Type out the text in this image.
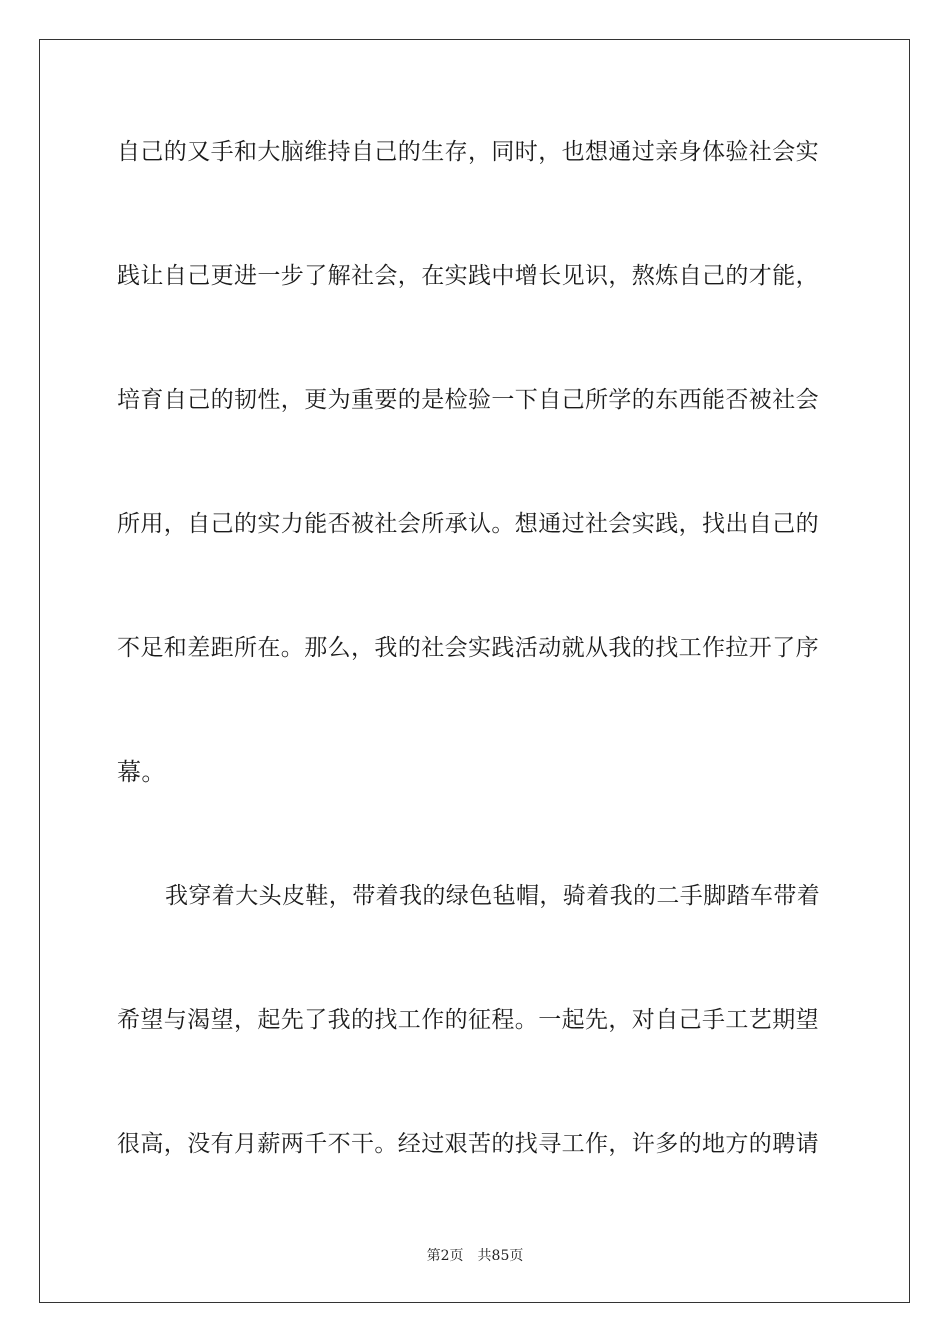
自己的又手和大脑维持自己的生存，同时，也想通过亲身体验社会实
践让自己更进一步了解社会，在实践中增长见识，熬炼自己的才能，
培育自己的韧性，更为重要的是检验一下自己所学的东西能否被社会
所用，自己的实力能否被社会所承认。想通过社会实践，找出自己的
不足和差距所在。那么，我的社会实践活动就从我的找工作拉开了序
幕。
我穿着大头皮鞋，带着我的绿色毡帽，骑着我的二手脚踏车带着
希望与渴望，起先了我的找工作的征程。一起先，对自己手工艺期望
很高，没有月薪两千不干。经过艰苦的找寻工作，许多的地方的聘请
第2页 共85页
